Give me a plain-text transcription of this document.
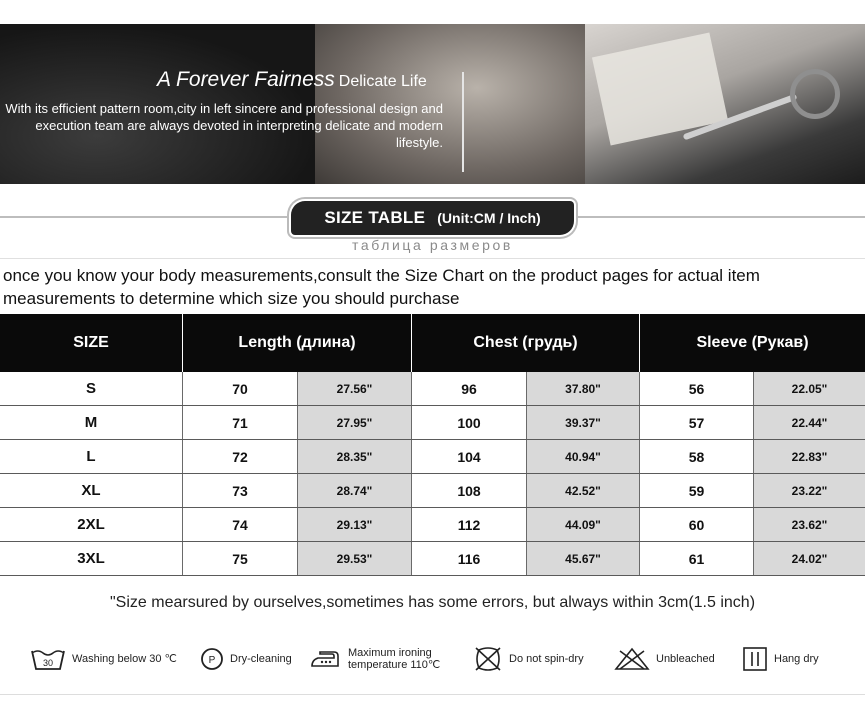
A Forever Fairness Delicate Life
With its efficient pattern room,city in left sincere and professional design and execution team are always devoted in interpreting delicate and modern lifestyle.
SIZE TABLE (Unit:CM / Inch)
таблица размеров
once you know your body measurements,consult the Size Chart on the product pages for actual item measurements to determine which size you should purchase
SIZE	Length (длина)	Chest (грудь)	Sleeve (Рукав)
S	70	27.56"	96	37.80"	56	22.05"
M	71	27.95"	100	39.37"	57	22.44"
L	72	28.35"	104	40.94"	58	22.83"
XL	73	28.74"	108	42.52"	59	23.22"
2XL	74	29.13"	112	44.09"	60	23.62"
3XL	75	29.53"	116	45.67"	61	24.02"
"Size mearsured by ourselves,sometimes has some errors, but always within 3cm(1.5 inch)
30 Washing below 30 ℃	P Dry-cleaning	Maximum ironing
temperature 110℃	Do not spin-dry	Unbleached	Hang dry
